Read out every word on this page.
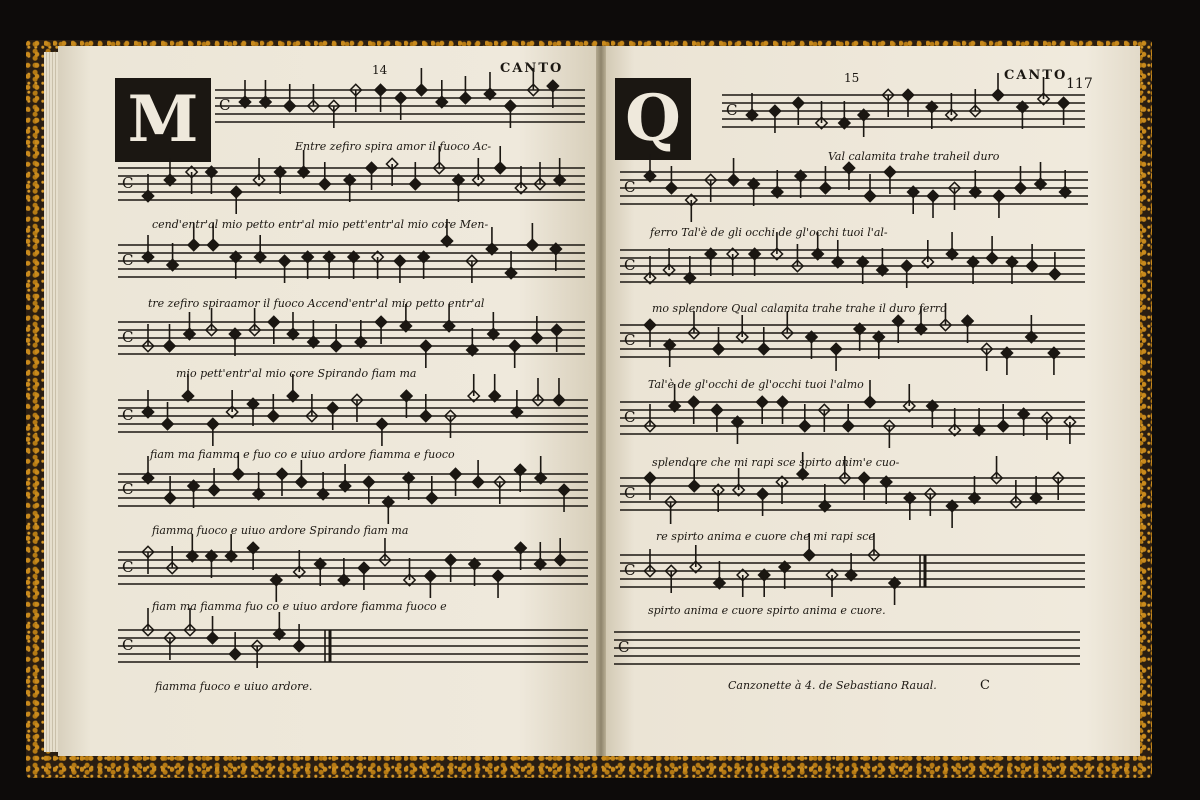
14	CANTO
M
15	CANTO
117
Q
C
C
C
C
C
C
C
C
C
C
C
C
C
C
C
C
Entre zefiro spira amor il fuoco Ac-
cend'entr'al mio petto entr'al mio pett'entr'al mio core Men-
tre zefiro spiraamor il fuoco Accend'entr'al mio petto entr'al
mio pett'entr'al mio core Spirando fiam ma
fiam ma fiamma e fuo co e uiuo ardore fiamma e fuoco
fiamma fuoco e uiuo ardore Spirando fiam ma
fiam ma fiamma fuo co e uiuo ardore fiamma fuoco e
fiamma fuoco e uiuo ardore.
Val calamita trahe traheil duro
ferro Tal'è de gli occhi de gl'occhi tuoi l'al-
mo splendore Qual calamita trahe trahe il duro ferro
Tal'è de gl'occhi de gl'occhi tuoi l'almo
splendore che mi rapi sce spirto anim'e cuo-
re spirto anima e cuore che mi rapi sce
spirto anima e cuore spirto anima e cuore.
Canzonette à 4. de Sebastiano Raual.	C
